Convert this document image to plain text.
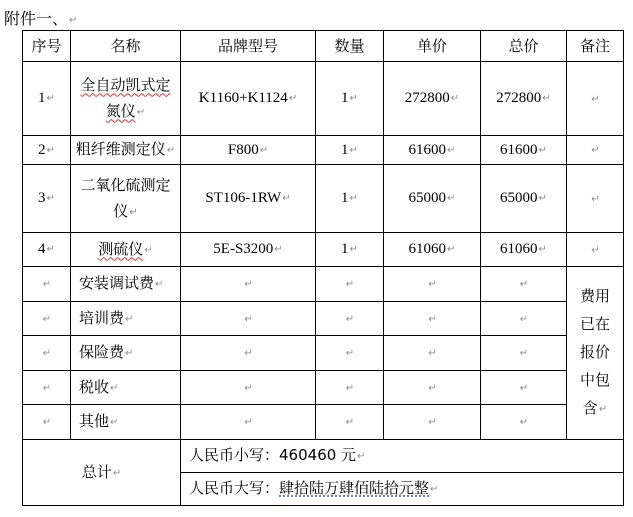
附件一、↵
序号	名称	品牌型号	数量	单价	总价	备注
1↵	全自动凯式定氮仪↵	K1160+K1124↵	1↵	272800↵	272800↵	↵
2↵	粗纤维测定仪↵	F800↵	1↵	61600↵	61600↵	↵
3↵	二氧化硫测定仪↵	ST106-1RW↵	1↵	65000↵	65000↵	↵
4↵	测硫仪↵	5E-S3200↵	1↵	61060↵	61060↵	↵
↵	安装调试费↵	↵	↵	↵	↵	费用
已在
报价
中包
含↵

↵	培训费↵	↵	↵	↵	↵	
↵	保险费↵	↵	↵	↵	↵	
↵	税收↵	↵	↵	↵	↵	
↵	其他↵	↵	↵	↵	↵	
总计↵		人民币小写：460460 元↵				
		人民币大写：肆拾陆万肆佰陆拾元整↵				
